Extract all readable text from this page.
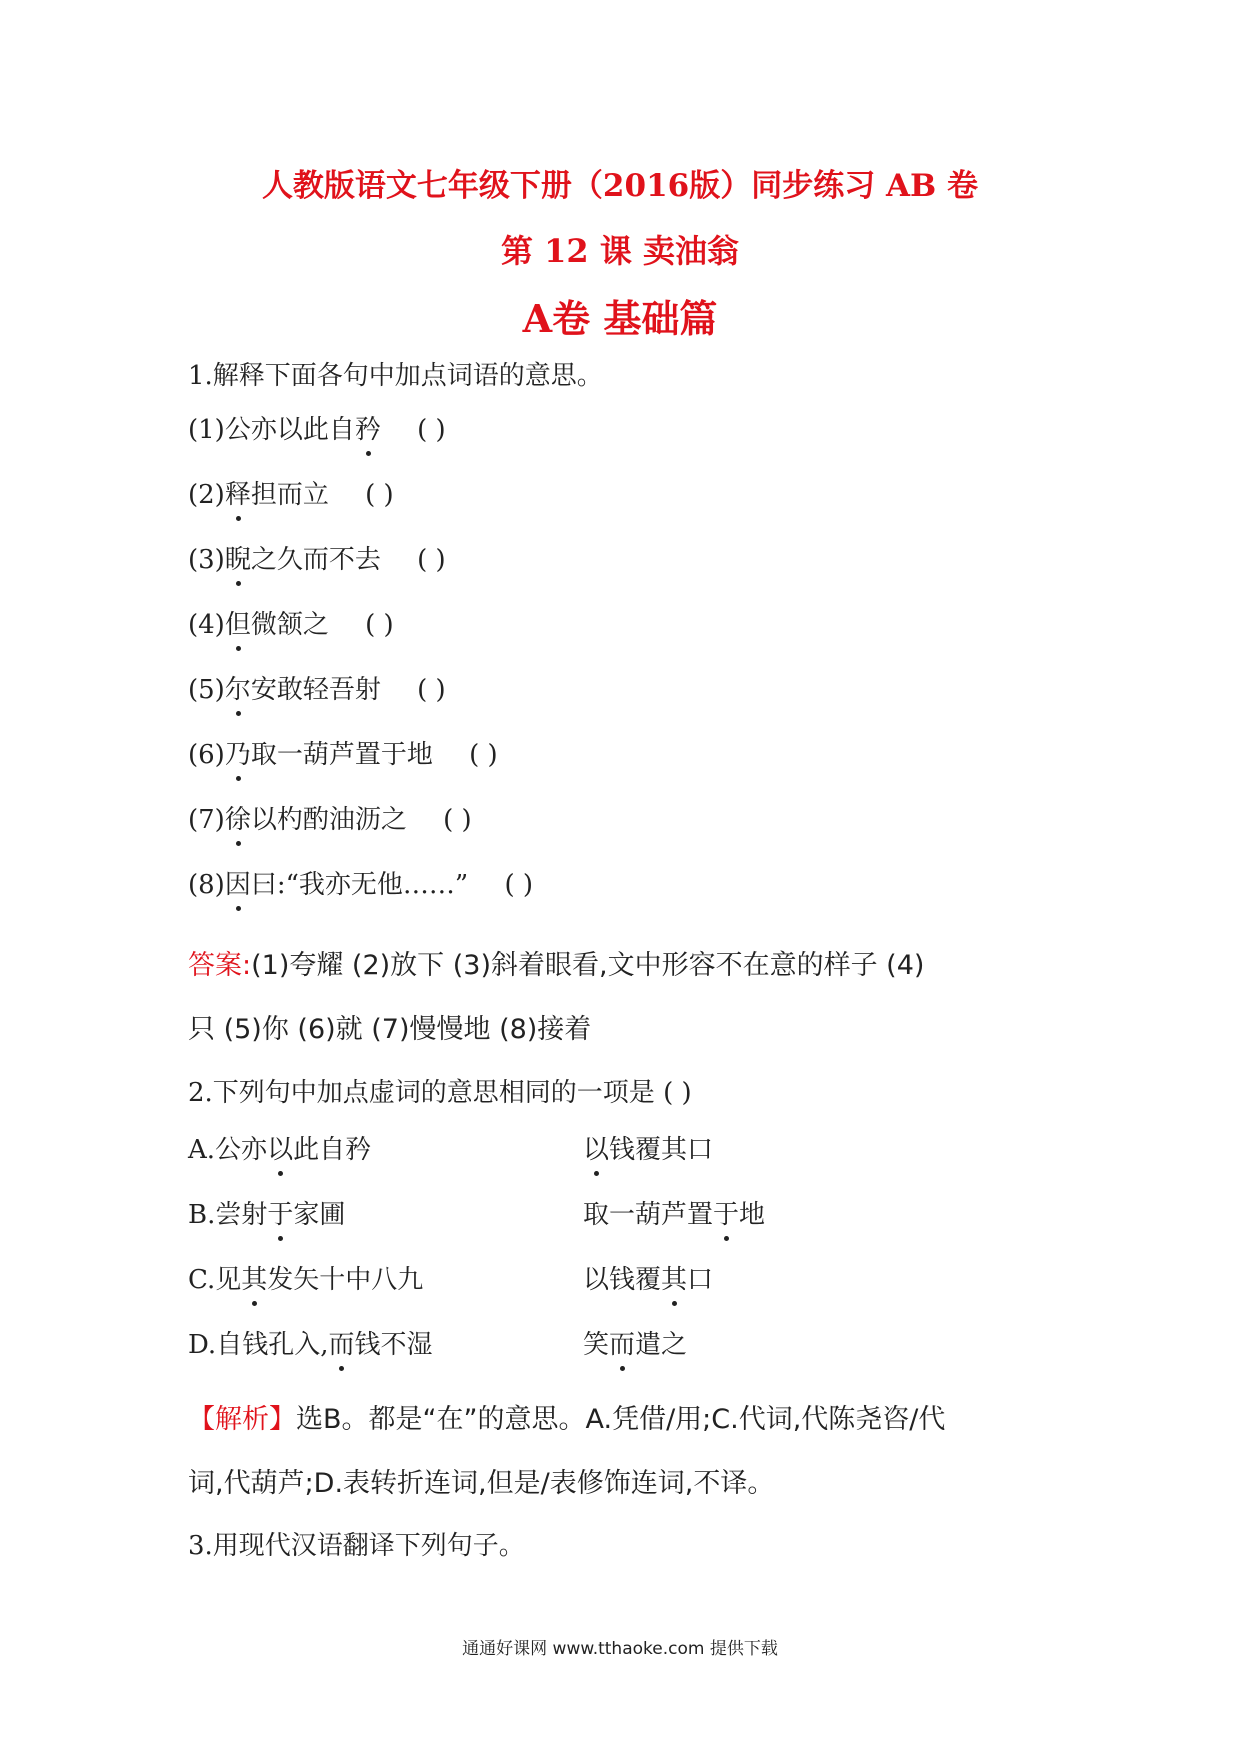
人教版语文七年级下册（2016版）同步练习 AB 卷
第 12 课 卖油翁
A卷 基础篇
1.解释下面各句中加点词语的意思。
(1)公亦以此自矜 ( )
(2)释担而立 ( )
(3)睨之久而不去 ( )
(4)但微颔之 ( )
(5)尔安敢轻吾射 ( )
(6)乃取一葫芦置于地 ( )
(7)徐以杓酌油沥之 ( )
(8)因曰:“我亦无他……” ( )
答案:(1)夸耀 (2)放下 (3)斜着眼看,文中形容不在意的样子 (4)
只 (5)你 (6)就 (7)慢慢地 (8)接着
2.下列句中加点虚词的意思相同的一项是 ( )
A.公亦以此自矜	以钱覆其口
B.尝射于家圃	取一葫芦置于地
C.见其发矢十中八九	以钱覆其口
D.自钱孔入,而钱不湿	笑而遣之
【解析】选B。都是“在”的意思。A.凭借/用;C.代词,代陈尧咨/代
词,代葫芦;D.表转折连词,但是/表修饰连词,不译。
3.用现代汉语翻译下列句子。
通通好课网 www.tthaoke.com 提供下载
